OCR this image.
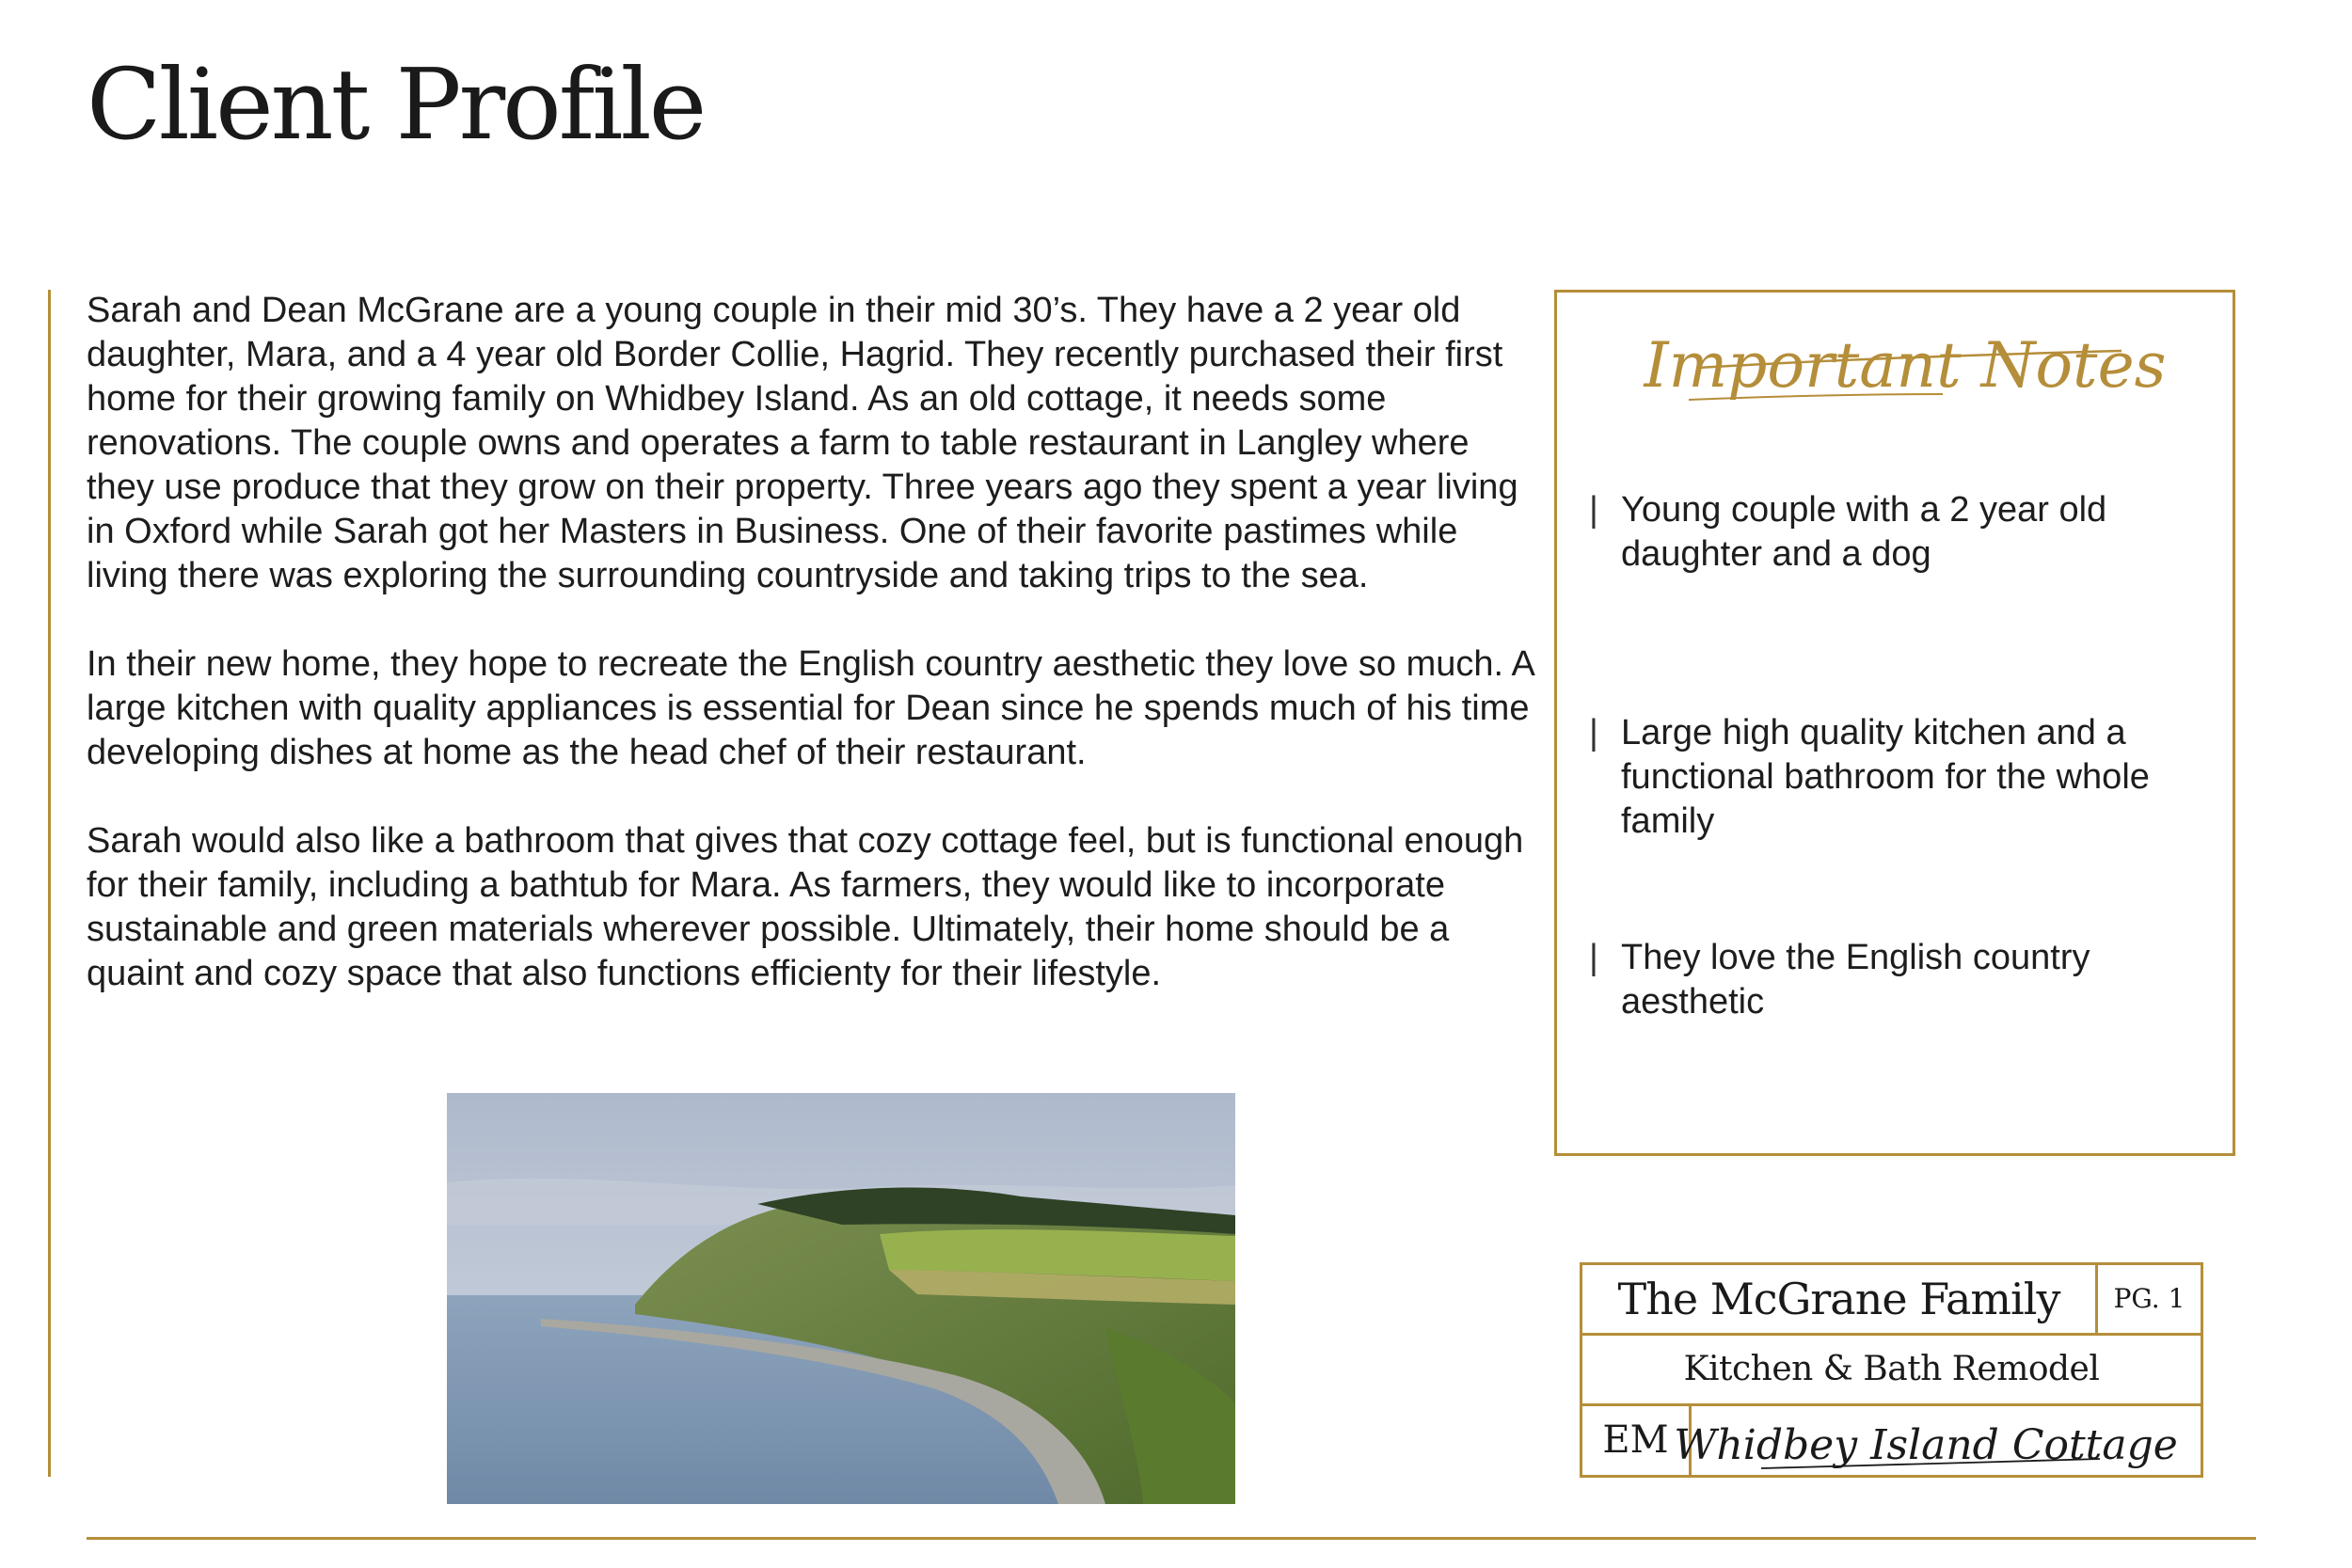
Client Profile

Sarah and Dean McGrane are a young couple in their mid 30’s. They have a 2 year old daughter, Mara, and a 4 year old Border Collie, Hagrid. They recently purchased their first home for their growing family on Whidbey Island. As an old cottage, it needs some renovations. The couple owns and operates a farm to table restaurant in Langley where they use produce that they grow on their property. Three years ago they spent a year living in Oxford while Sarah got her Masters in Business. One of their favorite pastimes while living there was exploring the surrounding countryside and taking trips to the sea.

In their new home, they hope to recreate the English country aesthetic they love so much. A large kitchen with quality appliances is essential for Dean since he spends much of his time developing dishes at home as the head chef of their restaurant.

Sarah would also like a bathroom that gives that cozy cottage feel, but is functional enough for their family, including a bathtub for Mara. As farmers, they would like to incorporate sustainable and green materials wherever possible. Ultimately, their home should be a quaint and cozy space that also functions efficienty for their lifestyle.

Important Notes
| Young couple with a 2 year old daughter and a dog
| Large high quality kitchen and a functional bathroom for the whole family
| They love the English country aesthetic
The McGrane Family	PG. 1
Kitchen & Bath Remodel
EM Whidbey Island Cottage
